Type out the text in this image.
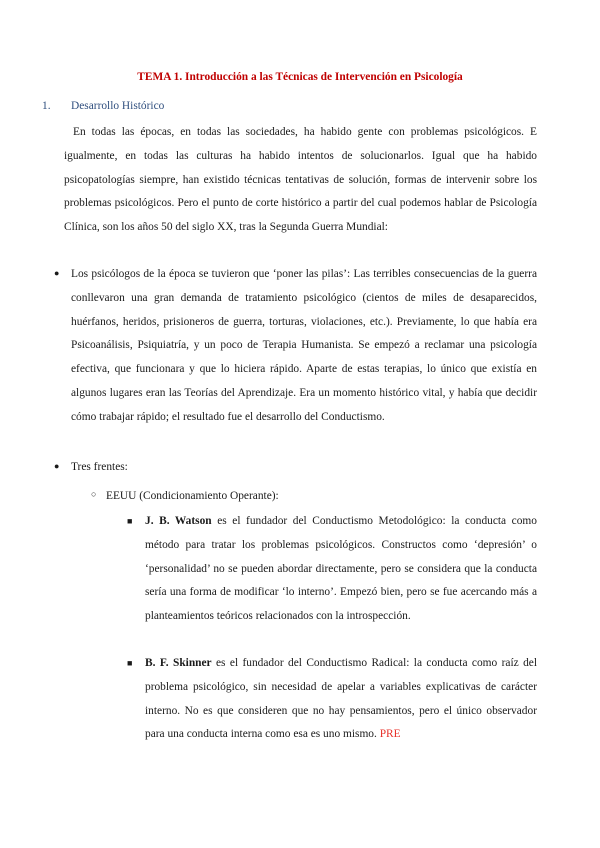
TEMA 1. Introducción a las Técnicas de Intervención en Psicología
1. Desarrollo Histórico

En todas las épocas, en todas las sociedades, ha habido gente con problemas psicológicos. E igualmente, en todas las culturas ha habido intentos de solucionarlos. Igual que ha habido psicopatologías siempre, han existido técnicas tentativas de solución, formas de intervenir sobre los problemas psicológicos. Pero el punto de corte histórico a partir del cual podemos hablar de Psicología Clínica, son los años 50 del siglo XX, tras la Segunda Guerra Mundial:

● Los psicólogos de la época se tuvieron que ‘poner las pilas’: Las terribles consecuencias de la guerra conllevaron una gran demanda de tratamiento psicológico (cientos de miles de desaparecidos, huérfanos, heridos, prisioneros de guerra, torturas, violaciones, etc.). Previamente, lo que había era Psicoanálisis, Psiquiatría, y un poco de Terapia Humanista. Se empezó a reclamar una psicología efectiva, que funcionara y que lo hiciera rápido. Aparte de estas terapias, lo único que existía en algunos lugares eran las Teorías del Aprendizaje. Era un momento histórico vital, y había que decidir cómo trabajar rápido; el resultado fue el desarrollo del Conductismo.
● Tres frentes:
○ EEUU (Condicionamiento Operante):
■ J. B. Watson es el fundador del Conductismo Metodológico: la conducta como método para tratar los problemas psicológicos. Constructos como ‘depresión’ o ‘personalidad’ no se pueden abordar directamente, pero se considera que la conducta sería una forma de modificar ‘lo interno’. Empezó bien, pero se fue acercando más a planteamientos teóricos relacionados con la introspección.
■ B. F. Skinner es el fundador del Conductismo Radical: la conducta como raíz del problema psicológico, sin necesidad de apelar a variables explicativas de carácter interno. No es que consideren que no hay pensamientos, pero el único observador para una conducta interna como esa es uno mismo. PRE
